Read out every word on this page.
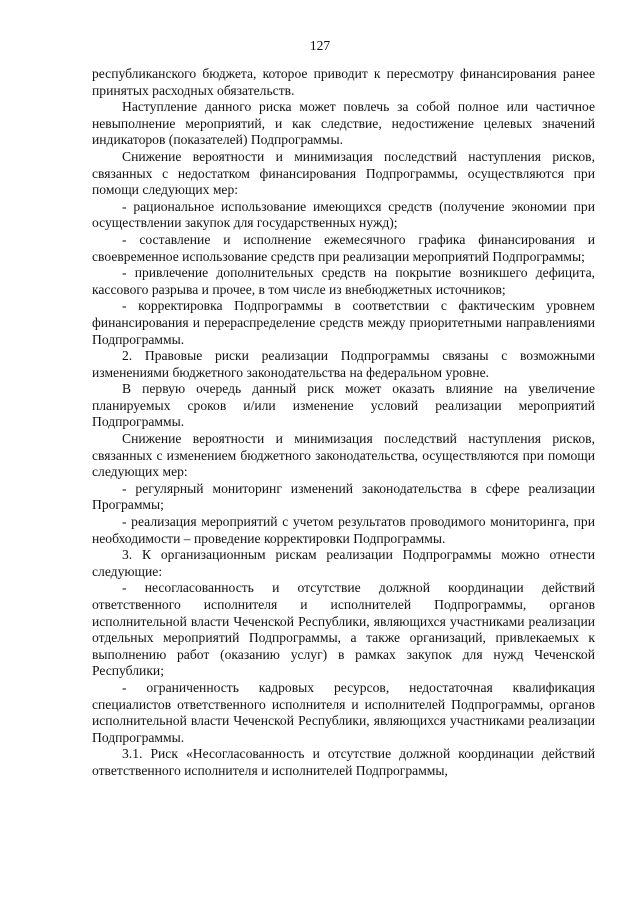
127

республиканского бюджета, которое приводит к пересмотру финансирования ранее принятых расходных обязательств.

Наступление данного риска может повлечь за собой полное или частичное невыполнение мероприятий, и как следствие, недостижение целевых значений индикаторов (показателей) Подпрограммы.

Снижение вероятности и минимизация последствий наступления рисков, связанных с недостатком финансирования Подпрограммы, осуществляются при помощи следующих мер:

- рациональное использование имеющихся средств (получение экономии при осуществлении закупок для государственных нужд);

- составление и исполнение ежемесячного графика финансирования и своевременное использование средств при реализации мероприятий Подпрограммы;

- привлечение дополнительных средств на покрытие возникшего дефицита, кассового разрыва и прочее, в том числе из внебюджетных источников;

- корректировка Подпрограммы в соответствии с фактическим уровнем финансирования и перераспределение средств между приоритетными направлениями Подпрограммы.

2. Правовые риски реализации Подпрограммы связаны с возможными изменениями бюджетного законодательства на федеральном уровне.

В первую очередь данный риск может оказать влияние на увеличение планируемых сроков и/или изменение условий реализации мероприятий Подпрограммы.

Снижение вероятности и минимизация последствий наступления рисков, связанных с изменением бюджетного законодательства, осуществляются при помощи следующих мер:

- регулярный мониторинг изменений законодательства в сфере реализации Программы;

- реализация мероприятий с учетом результатов проводимого мониторинга, при необходимости – проведение корректировки Подпрограммы.

3. К организационным рискам реализации Подпрограммы можно отнести следующие:

- несогласованность и отсутствие должной координации действий ответственного исполнителя и исполнителей Подпрограммы, органов исполнительной власти Чеченской Республики, являющихся участниками реализации отдельных мероприятий Подпрограммы, а также организаций, привлекаемых к выполнению работ (оказанию услуг) в рамках закупок для нужд Чеченской Республики;

- ограниченность кадровых ресурсов, недостаточная квалификация специалистов ответственного исполнителя и исполнителей Подпрограммы, органов исполнительной власти Чеченской Республики, являющихся участниками реализации Подпрограммы.

3.1. Риск «Несогласованность и отсутствие должной координации действий ответственного исполнителя и исполнителей Подпрограммы,
